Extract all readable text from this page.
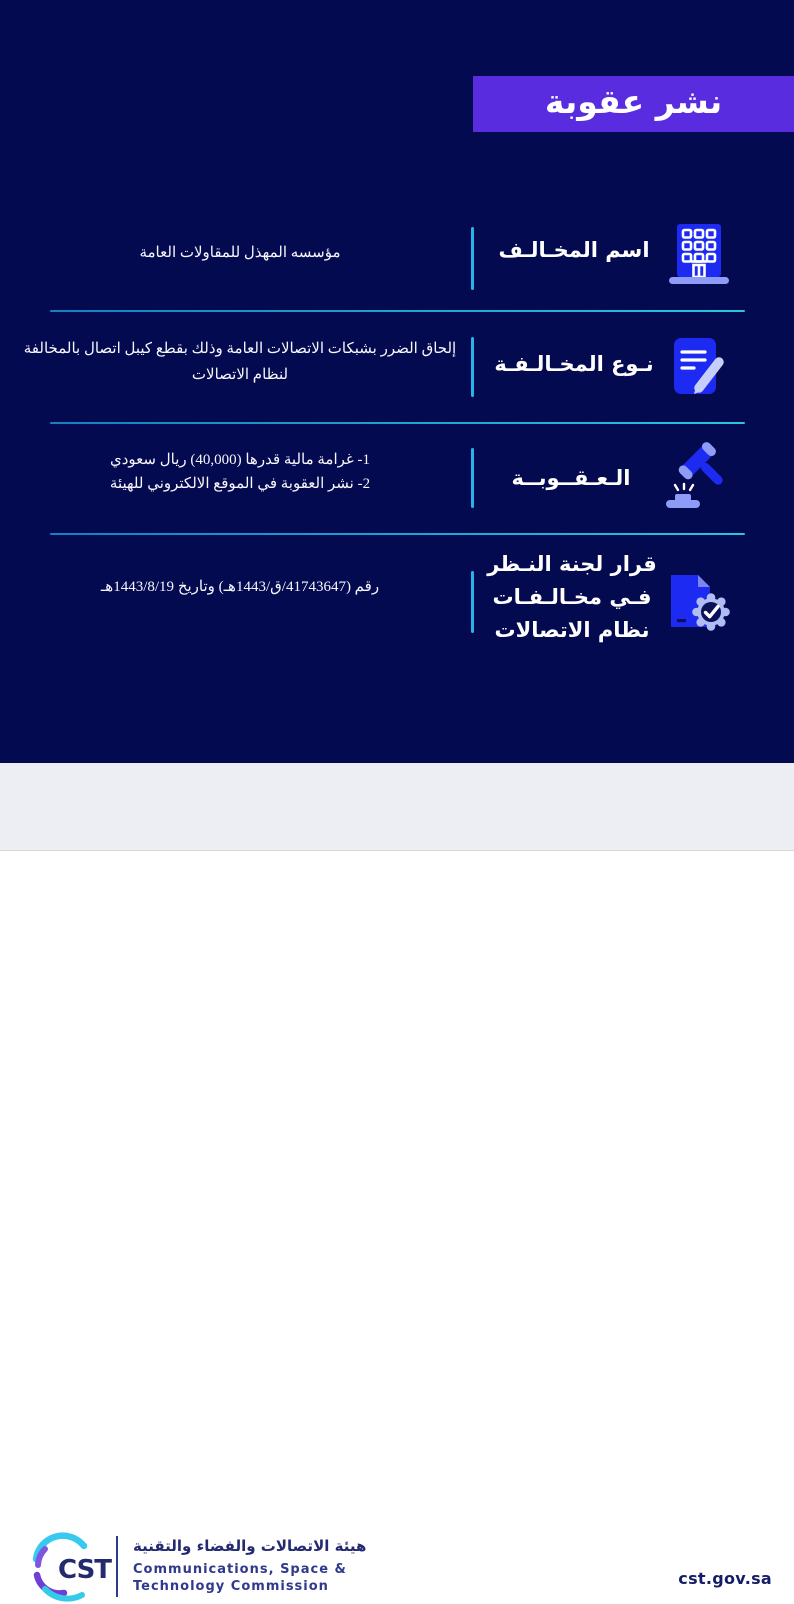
نشر عقوبة
اسم المخـالـف
مؤسسه المهذل للمقاولات العامة
نـوع المخـالـفـة
إلحاق الضرر بشبكات الاتصالات العامة وذلك بقطع كيبل اتصال بالمخالفة
لنظام الاتصالات
الـعـقــوبــة
1- غرامة مالية قدرها (40,000) ريال سعودي
2- نشر العقوبة في الموقع الالكتروني للهيئة
قرار لجنة النـظر
فـي مخـالـفـات
نظام الاتصالات
رقم (41743647/ق/1443هـ) وتاريخ 1443/8/19هـ
CST
هيئة الاتصالات والفضاء والتقنية
Communications, Space &
Technology Commission	cst.gov.sa
